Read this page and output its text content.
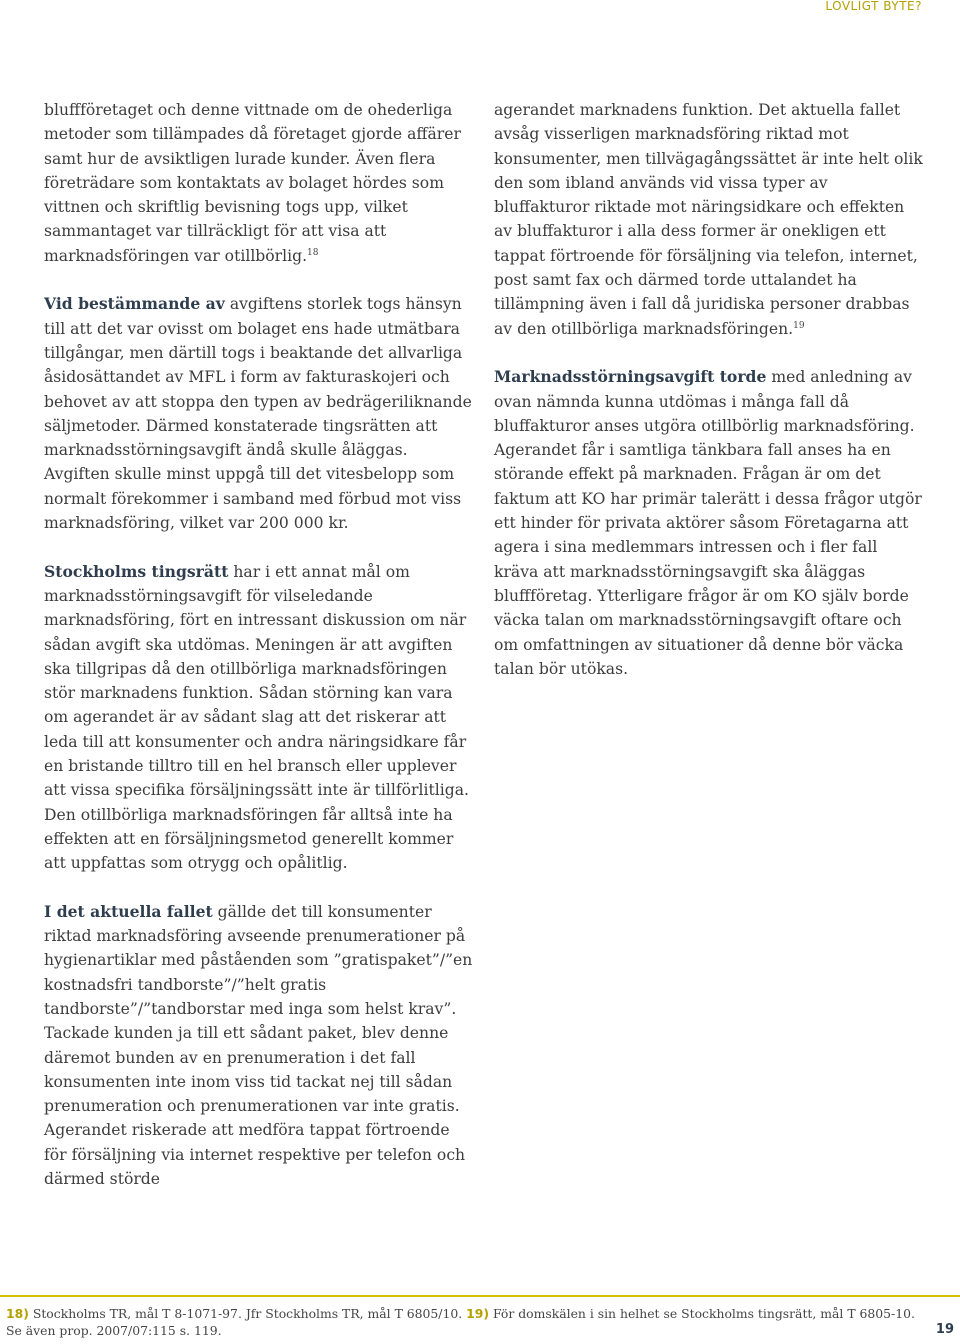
LOVLIGT BYTE?

bluffföretaget och denne vittnade om de ohederliga metoder som tillämpades då företaget gjorde affärer samt hur de avsiktligen lurade kunder. Även flera företrädare som kontaktats av bolaget hördes som vittnen och skriftlig bevisning togs upp, vilket sammantaget var tillräckligt för att visa att marknadsföringen var otillbörlig.$^{18}$

Vid bestämmande av avgiftens storlek togs hänsyn till att det var ovisst om bolaget ens hade utmätbara tillgångar, men därtill togs i beaktande det allvarliga åsidosättandet av MFL i form av fakturaskojeri och behovet av att stoppa den typen av bedrägeriliknande säljmetoder. Därmed konstaterade tingsrätten att marknadsstörningsavgift ändå skulle åläggas. Avgiften skulle minst uppgå till det vitesbelopp som normalt förekommer i samband med förbud mot viss marknadsföring, vilket var 200 000 kr.

Stockholms tingsrätt har i ett annat mål om marknadsstörningsavgift för vilseledande marknadsföring, fört en intressant diskussion om när sådan avgift ska utdömas. Meningen är att avgiften ska tillgripas då den otillbörliga marknadsföringen stör marknadens funktion. Sådan störning kan vara om agerandet är av sådant slag att det riskerar att leda till att konsumenter och andra näringsidkare får en bristande tilltro till en hel bransch eller upplever att vissa specifika försäljningssätt inte är tillförlitliga. Den otillbörliga marknadsföringen får alltså inte ha effekten att en försäljningsmetod generellt kommer att uppfattas som otrygg och opålitlig.

I det aktuella fallet gällde det till konsumenter riktad marknadsföring avseende prenumerationer på hygienartiklar med påståenden som ”gratispaket”/”en kostnadsfri tandborste”/”helt gratis tandborste”/”tandborstar med inga som helst krav”. Tackade kunden ja till ett sådant paket, blev denne däremot bunden av en prenumeration i det fall konsumenten inte inom viss tid tackat nej till sådan prenumeration och prenumerationen var inte gratis. Agerandet riskerade att medföra tappat förtroende för försäljning via internet respektive per telefon och därmed störde

agerandet marknadens funktion. Det aktuella fallet avsåg visserligen marknadsföring riktad mot konsumenter, men tillvägagångssättet är inte helt olik den som ibland används vid vissa typer av bluffakturor riktade mot näringsidkare och effekten av bluffakturor i alla dess former är onekligen ett tappat förtroende för försäljning via telefon, internet, post samt fax och därmed torde uttalandet ha tillämpning även i fall då juridiska personer drabbas av den otillbörliga marknadsföringen.$^{19}$

Marknadsstörningsavgift torde med anledning av ovan nämnda kunna utdömas i många fall då bluffakturor anses utgöra otillbörlig marknadsföring. Agerandet får i samtliga tänkbara fall anses ha en störande effekt på marknaden. Frågan är om det faktum att KO har primär talerätt i dessa frågor utgör ett hinder för privata aktörer såsom Företagarna att agera i sina medlemmars intressen och i fler fall kräva att marknadsstörningsavgift ska åläggas bluffföretag. Ytterligare frågor är om KO själv borde väcka talan om marknadsstörningsavgift oftare och om omfattningen av situationer då denne bör väcka talan bör utökas.

18) Stockholms TR, mål T 8-1071-97. Jfr Stockholms TR, mål T 6805/10. 19) För domskälen i sin helhet se Stockholms tingsrätt, mål T 6805-10. Se även prop. 2007/07:115 s. 119.	19
